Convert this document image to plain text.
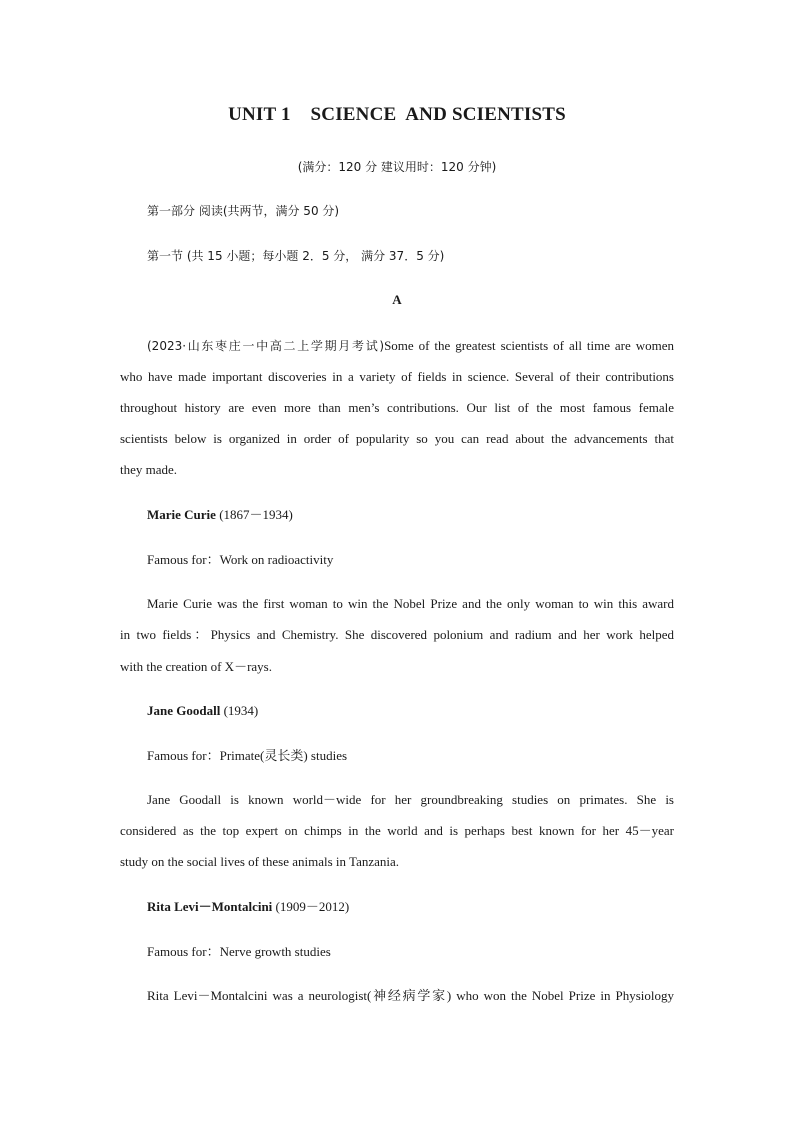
UNIT 1    SCIENCE  AND SCIENTISTS

(满分：120 分 建议用时：120 分钟)

第一部分 阅读(共两节，满分 50 分)

第一节 (共 15 小题；每小题 2．5 分， 满分 37．5 分)

A

(2023·山东枣庄一中高二上学期月考试)Some of the greatest scientists of all time are women

who have made important discoveries in a variety of fields in science. Several of their contributions

throughout history are even more than men’s contributions. Our list of the most famous female

scientists below is organized in order of popularity so you can read about the advancements that

they made.

Marie Curie (1867－1934)

Famous for：Work on radioactivity

Marie Curie was the first woman to win the Nobel Prize and the only woman to win this award

in two fields：Physics and Chemistry. She discovered polonium and radium and her work helped

with the creation of X－rays.

Jane Goodall (1934)

Famous for：Primate(灵长类) studies

Jane Goodall is known world－wide for her groundbreaking studies on primates. She is

considered as the top expert on chimps in the world and is perhaps best known for her 45－year

study on the social lives of these animals in Tanzania.

Rita Levi－Montalcini (1909－2012)

Famous for：Nerve growth studies

Rita Levi－Montalcini was a neurologist(神经病学家) who won the Nobel Prize in Physiology
